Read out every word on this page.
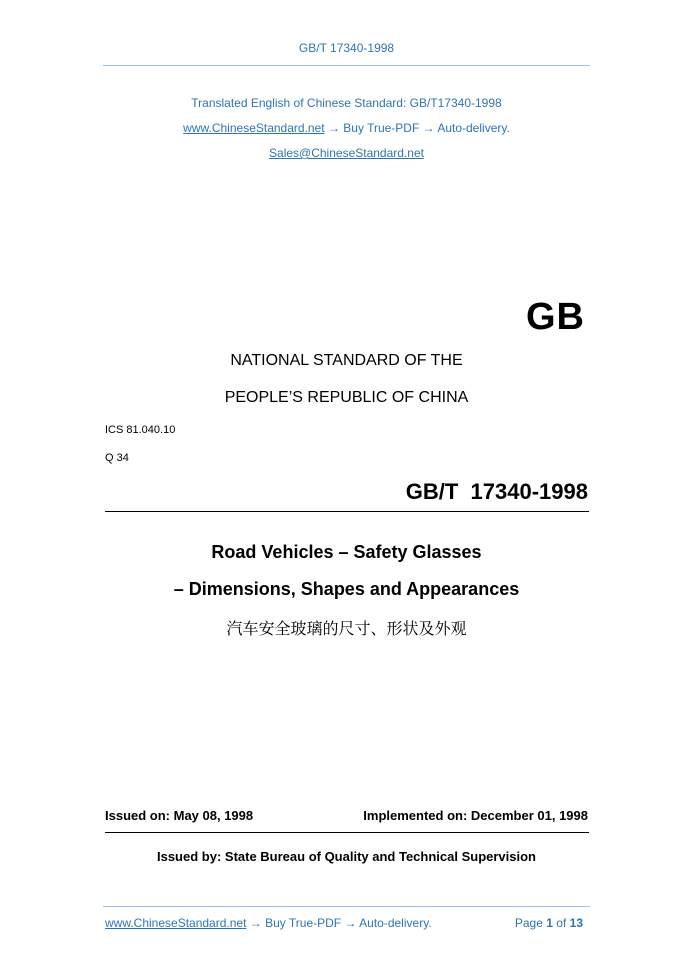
GB/T 17340-1998
Translated English of Chinese Standard: GB/T17340-1998
www.ChineseStandard.net → Buy True-PDF → Auto-delivery.
Sales@ChineseStandard.net
GB
NATIONAL STANDARD OF THE
PEOPLE’S REPUBLIC OF CHINA
ICS 81.040.10
Q 34
GB/T  17340-1998
Road Vehicles – Safety Glasses
– Dimensions, Shapes and Appearances
汽车安全玻璃的尺寸、形状及外观
Issued on: May 08, 1998	Implemented on: December 01, 1998
Issued by: State Bureau of Quality and Technical Supervision
www.ChineseStandard.net → Buy True-PDF → Auto-delivery.	Page 1 of 13
